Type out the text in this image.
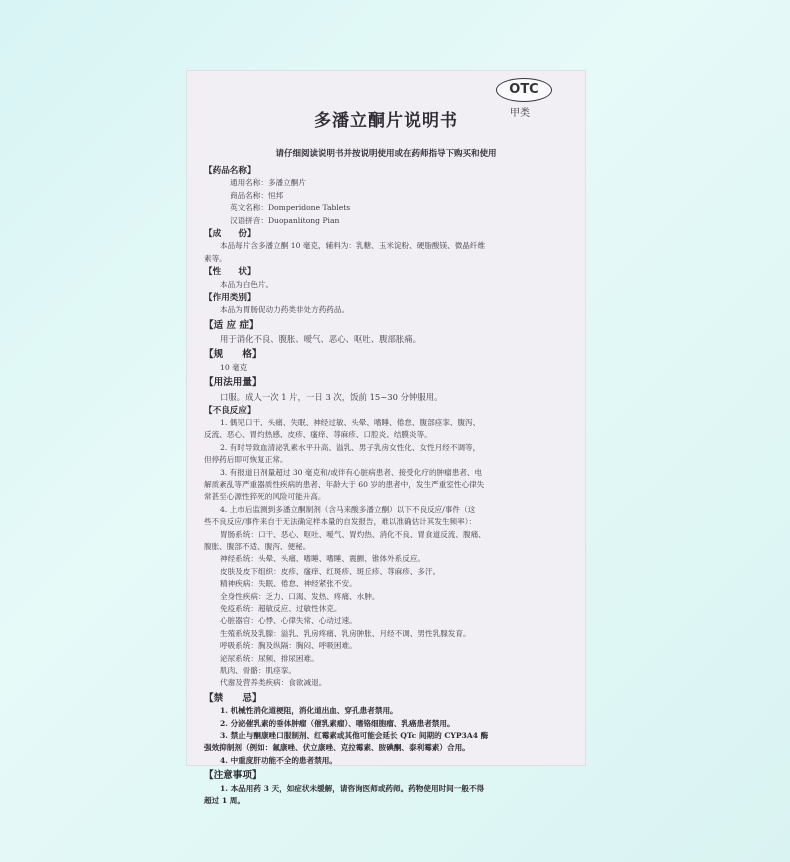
OTC
甲类
多潘立酮片说明书
请仔细阅读说明书并按说明使用或在药师指导下购买和使用
【药品名称】
通用名称：多潘立酮片
商品名称：恒邦
英文名称：Domperidone Tablets
汉语拼音：Duopanlitong Pian
【成　　份】
本品每片含多潘立酮 10 毫克，辅料为：乳糖、玉米淀粉、硬脂酸镁、微晶纤维
素等。
【性　　状】
本品为白色片。
【作用类别】
本品为胃肠促动力药类非处方药药品。
【适 应 症】
用于消化不良、腹胀、嗳气、恶心、呕吐、腹部胀痛。
【规　　格】
10 毫克
【用法用量】
口服。成人一次 1 片，一日 3 次，饭前 15~30 分钟服用。
【不良反应】
1. 偶见口干、头痛、失眠、神经过敏、头晕、嗜睡、倦怠、腹部痉挛、腹泻、
反流、恶心、胃灼热感、皮疹、瘙痒、荨麻疹、口腔炎、结膜炎等。
2. 有时导致血清泌乳素水平升高、溢乳、男子乳房女性化、女性月经不调等，
但停药后即可恢复正常。
3. 有报道日剂量超过 30 毫克和/或伴有心脏病患者、接受化疗的肿瘤患者、电
解质紊乱等严重器质性疾病的患者、年龄大于 60 岁的患者中，发生严重室性心律失
常甚至心源性猝死的风险可能升高。
4. 上市后监测到多潘立酮制剂（含马来酸多潘立酮）以下不良反应/事件（这
些不良反应/事件来自于无法确定样本量的自发报告，难以准确估计其发生频率）：
胃肠系统：口干、恶心、呕吐、嗳气、胃灼热、消化不良、胃食道反流、腹痛、
腹胀、腹部不适、腹泻、便秘。
神经系统：头晕、头痛、嗜睡、嗜睡、震颤、锥体外系反应。
皮肤及皮下组织：皮疹、瘙痒、红斑疹、斑丘疹、荨麻疹、多汗。
精神疾病：失眠、倦怠、神经紧张不安。
全身性疾病：乏力、口渴、发热、疼痛、水肿。
免疫系统：超敏反应、过敏性休克。
心脏器官：心悸、心律失常、心动过速。
生殖系统及乳腺：溢乳、乳房疼痛、乳房肿胀、月经不调、男性乳腺发育。
呼吸系统：胸及纵隔：胸闷、呼吸困难。
泌尿系统：尿频、排尿困难。
肌肉、骨骼：肌痉挛。
代谢及营养类疾病：食欲减退。
【禁　　忌】
1. 机械性消化道梗阻，消化道出血、穿孔患者禁用。
2. 分泌催乳素的垂体肿瘤（催乳素瘤）、嗜铬细胞瘤、乳癌患者禁用。
3. 禁止与酮康唑口服制剂、红霉素或其他可能会延长 QTc 间期的 CYP3A4 酶
强效抑制剂（例如：氟康唑、伏立康唑、克拉霉素、胺碘酮、泰利霉素）合用。
4. 中重度肝功能不全的患者禁用。
【注意事项】
1. 本品用药 3 天，如症状未缓解，请咨询医师或药师。药物使用时间一般不得
超过 1 周。
